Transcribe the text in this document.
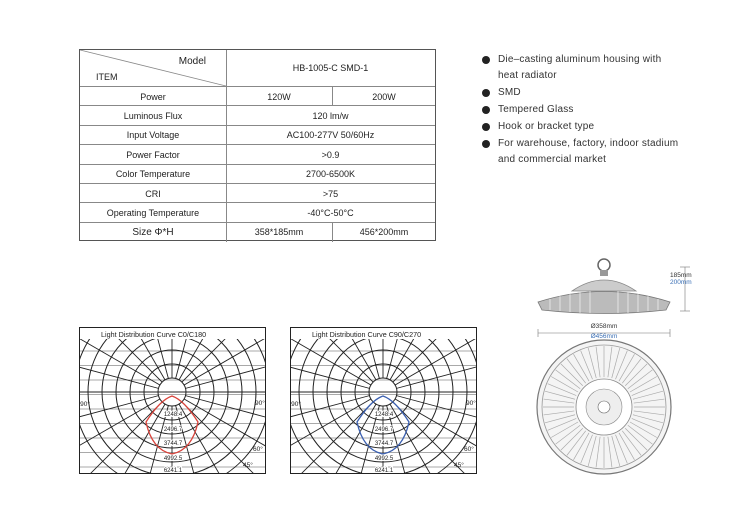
Model
ITEM
HB-1005-C SMD-1
Power	120W	200W
Luminous Flux	120 lm/w
Input Voltage	AC100-277V 50/60Hz
Power Factor	>0.9
Color Temperature	2700-6500K
CRI	>75
Operating Temperature	-40°C-50°C
Size Φ*H	358*185mm	456*200mm
Die–casting aluminum housing with
heat radiator
SMD
Tempered Glass
Hook or bracket type
For warehouse, factory, indoor stadium
and commercial market
Light Distribution Curve C0/C180
1248.4
2496.7
3744.7
4992.5
6241.1
-90°	90°
60°
45°
Light Distribution Curve C90/C270
1248.4
2496.7
3744.7
4992.5
6241.1
-90°	90°
60°
45°
185mm
200mm
Ø358mm
Ø456mm
